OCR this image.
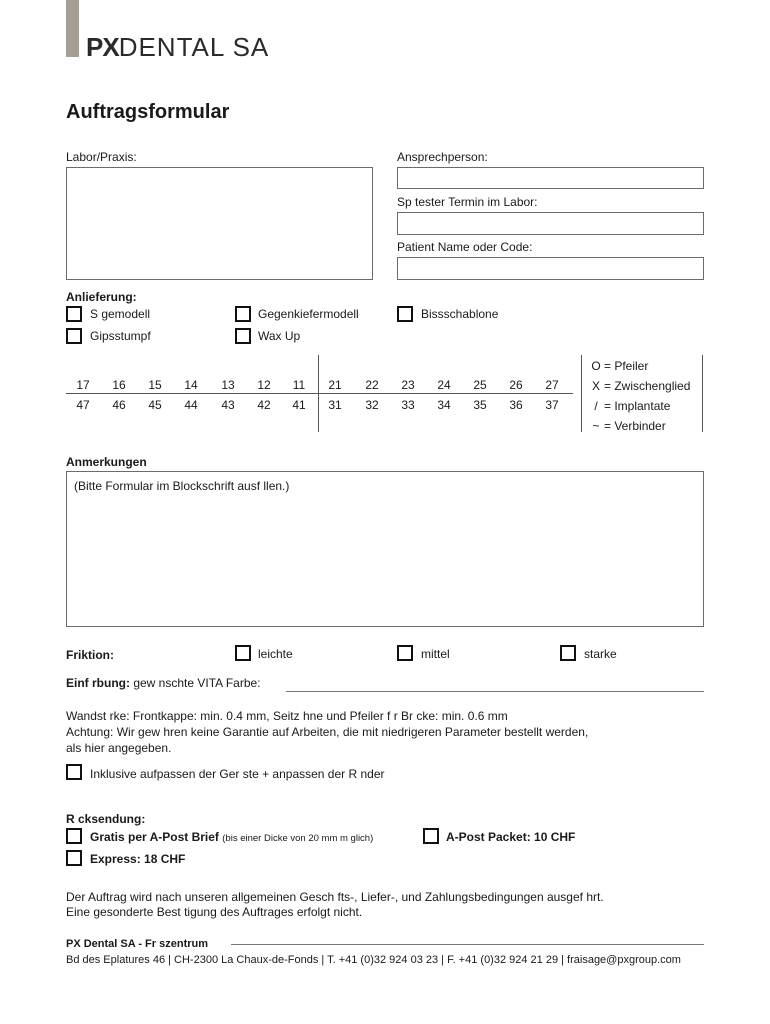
PXDENTAL SA
Auftragsformular
Labor/Praxis:	Ansprechperson:
Sp tester Termin im Labor:
Patient Name oder Code:
Anlieferung:
S gemodell	Gegenkiefermodell	Bissschablone
Gipsstumpf	Wax Up
17	16	15	14	13	12	11	21	22	23	24	25	26	27
47	46	45	44	43	42	41	31	32	33	34	35	36	37
O = Pfeiler
X = Zwischenglied
/ = Implantate
~ = Verbinder
Anmerkungen
(Bitte Formular im Blockschrift ausf llen.)
Friktion:	leichte	mittel	starke
Einf rbung: gew nschte VITA Farbe:
Wandst rke: Frontkappe: min. 0.4 mm, Seitz hne und Pfeiler f r Br cke: min. 0.6 mm
Achtung: Wir gew hren keine Garantie auf Arbeiten, die mit niedrigeren Parameter bestellt werden,
als hier angegeben.
Inklusive aufpassen der Ger ste + anpassen der R nder
R cksendung:
Gratis per A-Post Brief (bis einer Dicke von 20 mm m glich)	A-Post Packet: 10 CHF
Express: 18 CHF
Der Auftrag wird nach unseren allgemeinen Gesch fts-, Liefer-, und Zahlungsbedingungen ausgef hrt.
Eine gesonderte Best tigung des Auftrages erfolgt nicht.
PX Dental SA - Fr szentrum
Bd des Eplatures 46 | CH-2300 La Chaux-de-Fonds | T. +41 (0)32 924 03 23 | F. +41 (0)32 924 21 29 | fraisage@pxgroup.com
